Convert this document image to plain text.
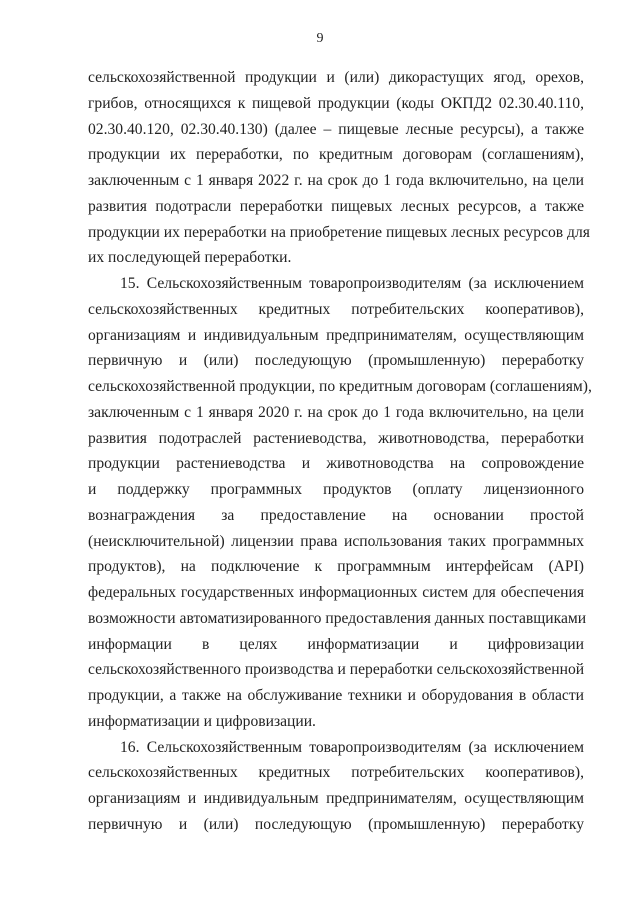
9
сельскохозяйственной продукции и (или) дикорастущих ягод, орехов,
грибов, относящихся к пищевой продукции (коды ОКПД2 02.30.40.110,
02.30.40.120, 02.30.40.130) (далее – пищевые лесные ресурсы), а также
продукции их переработки, по кредитным договорам (соглашениям),
заключенным с 1 января 2022 г. на срок до 1 года включительно, на цели
развития подотрасли переработки пищевых лесных ресурсов, а также
продукции их переработки на приобретение пищевых лесных ресурсов для
их последующей переработки.
15. Сельскохозяйственным товаропроизводителям (за исключением
сельскохозяйственных кредитных потребительских кооперативов),
организациям и индивидуальным предпринимателям, осуществляющим
первичную и (или) последующую (промышленную) переработку
сельскохозяйственной продукции, по кредитным договорам (соглашениям),
заключенным с 1 января 2020 г. на срок до 1 года включительно, на цели
развития подотраслей растениеводства, животноводства, переработки
продукции растениеводства и животноводства на сопровождение
и поддержку программных продуктов (оплату лицензионного
вознаграждения за предоставление на основании простой
(неисключительной) лицензии права использования таких программных
продуктов), на подключение к программным интерфейсам (API)
федеральных государственных информационных систем для обеспечения
возможности автоматизированного предоставления данных поставщиками
информации в целях информатизации и цифровизации
сельскохозяйственного производства и переработки сельскохозяйственной
продукции, а также на обслуживание техники и оборудования в области
информатизации и цифровизации.
16. Сельскохозяйственным товаропроизводителям (за исключением
сельскохозяйственных кредитных потребительских кооперативов),
организациям и индивидуальным предпринимателям, осуществляющим
первичную и (или) последующую (промышленную) переработку
